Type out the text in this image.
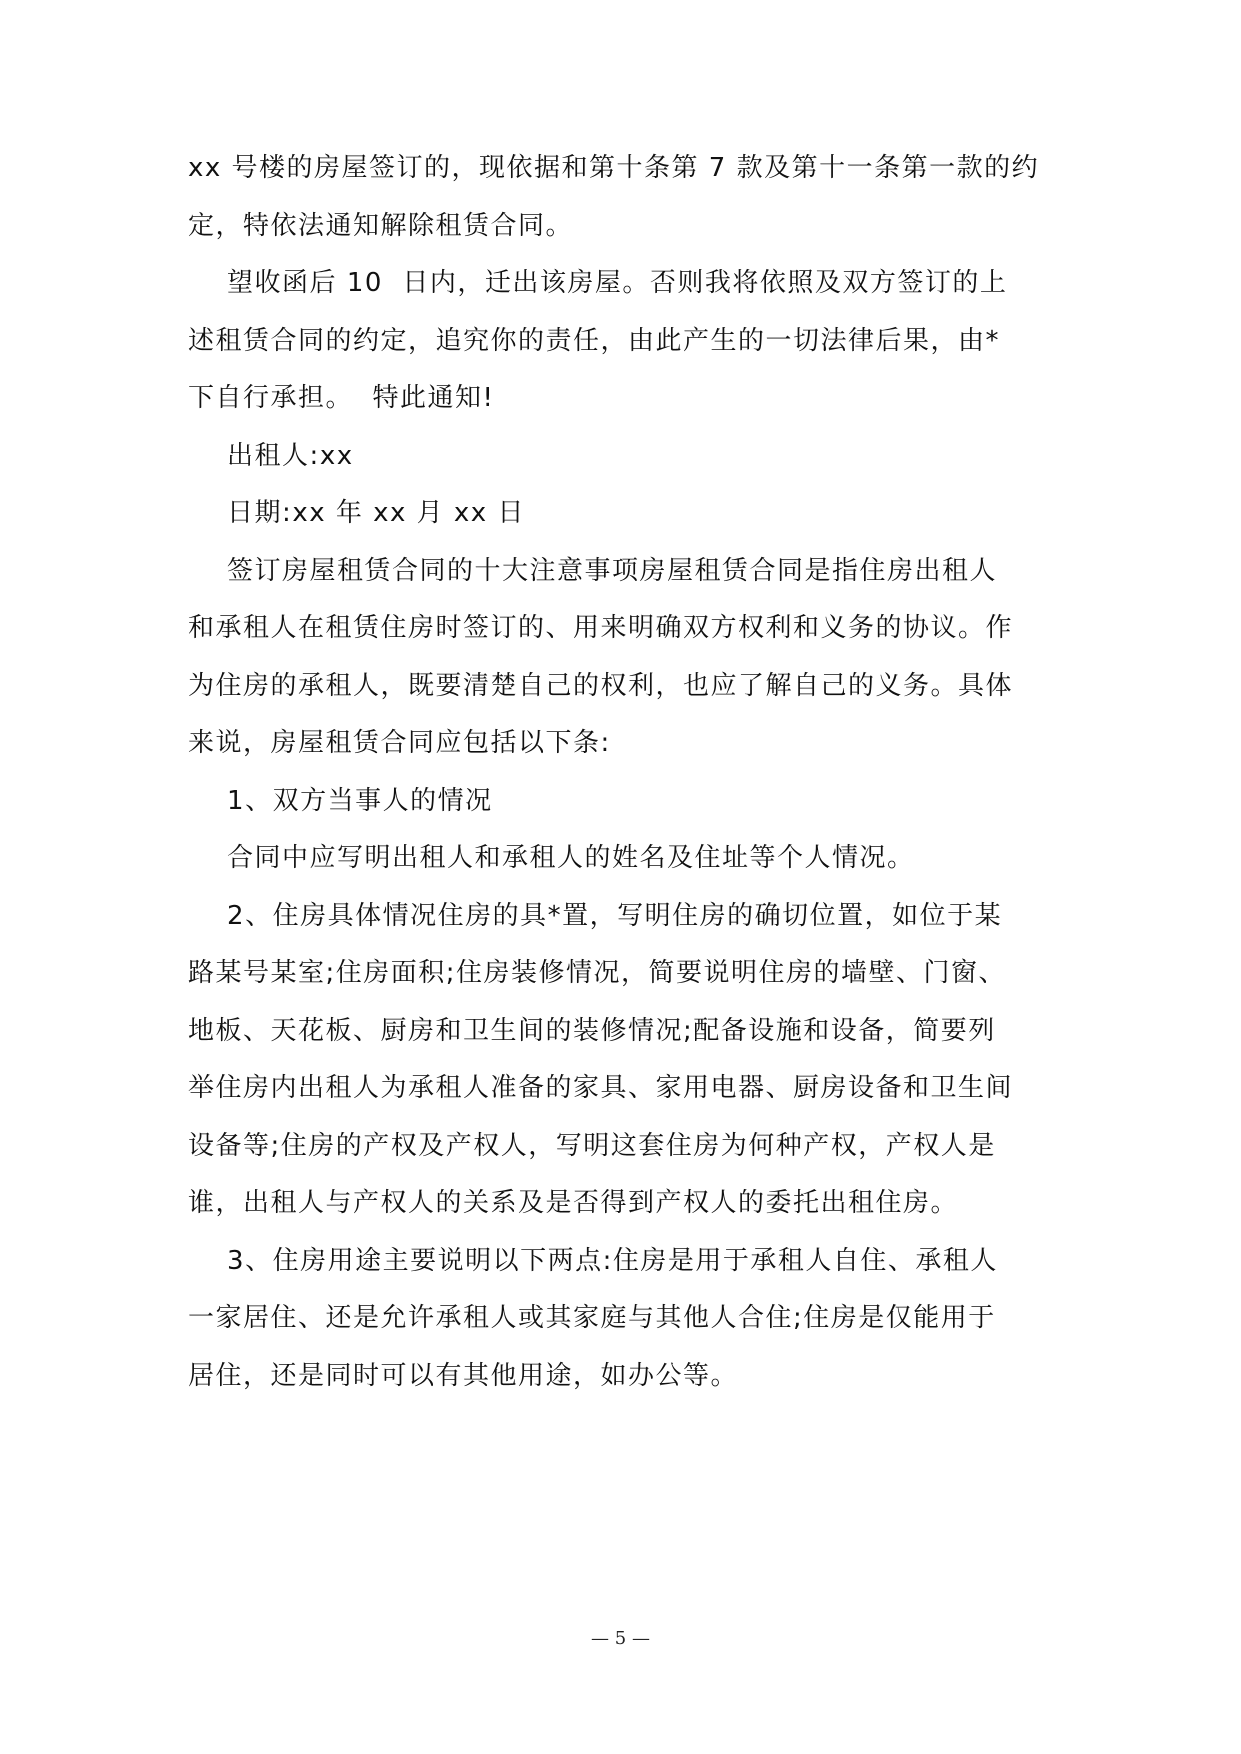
xx 号楼的房屋签订的，现依据和第十条第 7 款及第十一条第一款的约
定，特依法通知解除租赁合同。
望收函后 10  日内，迁出该房屋。否则我将依照及双方签订的上
述租赁合同的约定，追究你的责任，由此产生的一切法律后果，由*
下自行承担。  特此通知!
出租人:xx
日期:xx 年 xx 月 xx 日
签订房屋租赁合同的十大注意事项房屋租赁合同是指住房出租人
和承租人在租赁住房时签订的、用来明确双方权利和义务的协议。作
为住房的承租人，既要清楚自己的权利，也应了解自己的义务。具体
来说，房屋租赁合同应包括以下条:
1、双方当事人的情况
合同中应写明出租人和承租人的姓名及住址等个人情况。
2、住房具体情况住房的具*置，写明住房的确切位置，如位于某
路某号某室;住房面积;住房装修情况，简要说明住房的墙壁、门窗、
地板、天花板、厨房和卫生间的装修情况;配备设施和设备，简要列
举住房内出租人为承租人准备的家具、家用电器、厨房设备和卫生间
设备等;住房的产权及产权人，写明这套住房为何种产权，产权人是
谁，出租人与产权人的关系及是否得到产权人的委托出租住房。
3、住房用途主要说明以下两点:住房是用于承租人自住、承租人
一家居住、还是允许承租人或其家庭与其他人合住;住房是仅能用于
居住，还是同时可以有其他用途，如办公等。
— 5 —
